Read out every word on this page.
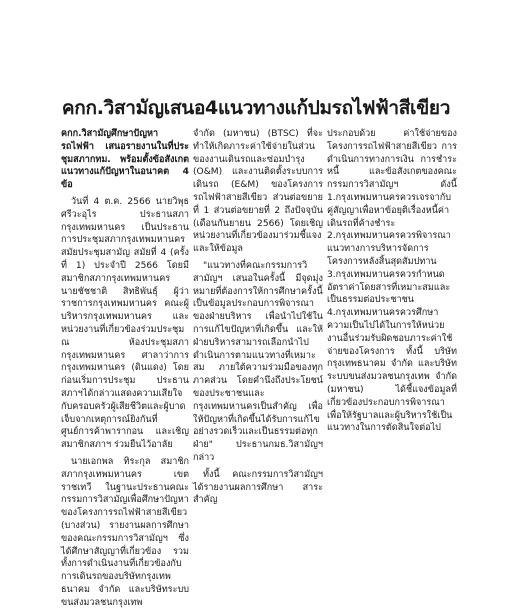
คกก.วิสามัญเสนอ4แนวทางแก้ปมรถไฟฟ้าสีเขียว

คกก.วิสามัญศึกษาปัญหารถไฟฟ้า เสนอรายงานในที่ประชุมสภากทม. พร้อมตั้งข้อสังเกตแนวทางแก้ปัญหาในอนาคต 4 ข้อ

วันที่ 4 ต.ค. 2566 นายวิพุธ ศรีวะอุไร ประธานสภากรุงเทพมหานคร เป็นประธานการประชุมสภากรุงเทพมหานคร สมัยประชุมสามัญ สมัยที่ 4 (ครั้งที่ 1) ประจำปี 2566 โดยมี สมาชิกสภากรุงเทพมหานคร นายชัชชาติ สิทธิพันธุ์ ผู้ว่าราชการกรุงเทพมหานคร คณะผู้บริหารกรุงเทพมหานคร และหน่วยงานที่เกี่ยวข้องร่วมประชุม ณ ห้องประชุมสภากรุงเทพมหานคร ศาลาว่าการกรุงเทพมหานคร (ดินแดง) โดยก่อนเริ่มการประชุม ประธานสภาฯได้กล่าวแสดงความเสียใจกับครอบครัวผู้เสียชีวิตและผู้บาดเจ็บจากเหตุการณ์ยิงกันที่ศูนย์การค้าพารากอน และเชิญสมาชิกสภาฯ ร่วมยืนไว้อาลัย

นายเอกพล ทิระกุล สมาชิกสภากรุงเทพมหานคร เขตราชเทวี ในฐานะประธานคณะกรรมการวิสามัญเพื่อศึกษาปัญหาของโครงการรถไฟฟ้าสายสีเขียว (บางส่วน) รายงานผลการศึกษาของคณะกรรมการวิสามัญฯ ซึ่งได้ศึกษาสัญญาที่เกี่ยวข้อง รวมทั้งการดำเนินงานที่เกี่ยวข้องกับการเดินรถของบริษัทกรุงเทพธนาคม จำกัด และบริษัทระบบขนส่งมวลชนกรุงเทพ

จำกัด (มหาชน) (BTSC) ที่จะทำให้เกิดภาระค่าใช้จ่ายในส่วนของงานเดินรถและซ่อมบำรุง (O&M) และงานติดตั้งระบบการเดินรถ (E&M) ของโครงการรถไฟฟ้าสายสีเขียว ส่วนต่อขยายที่ 1 ส่วนต่อขยายที่ 2 ถึงปัจจุบัน (เดือนกันยายน 2566) โดยเชิญหน่วยงานที่เกี่ยวข้องมาร่วมชี้แจงและให้ข้อมูล

"แนวทางที่คณะกรรมการวิสามัญฯ เสนอในครั้งนี้ มีจุดมุ่งหมายที่ต้องการให้การศึกษาครั้งนี้เป็นข้อมูลประกอบการพิจารณาของฝ่ายบริหาร เพื่อนำไปใช้ในการแก้ไขปัญหาที่เกิดขึ้น และให้ฝ่ายบริหารสามารถเลือกนำไปดำเนินการตามแนวทางที่เหมาะสม ภายใต้ความร่วมมือของทุกภาคส่วน โดยคำนึงถึงประโยชน์ของประชาชนและกรุงเทพมหานครเป็นสำคัญ เพื่อให้ปัญหาที่เกิดขึ้นได้รับการแก้ไขอย่างรวดเร็วและเป็นธรรมต่อทุกฝ่าย" ประธานกมธ.วิสามัญฯ กล่าว

ทั้งนี้ คณะกรรมการวิสามัญฯ ได้รายงานผลการศึกษา สาระสำคัญ

ประกอบด้วย ค่าใช้จ่ายของโครงการรถไฟฟ้าสายสีเขียว การดำเนินการทางการเงิน การชำระหนี้ และข้อสังเกตของคณะกรรมการวิสามัญฯ ดังนี้ 1.กรุงเทพมหานครควรเจรจากับคู่สัญญาเพื่อหาข้อยุติเรื่องหนี้ค่าเดินรถที่ค้างชำระ 2.กรุงเทพมหานครควรพิจารณาแนวทางการบริหารจัดการโครงการหลังสิ้นสุดสัมปทาน 3.กรุงเทพมหานครควรกำหนดอัตราค่าโดยสารที่เหมาะสมและเป็นธรรมต่อประชาชน 4.กรุงเทพมหานครควรศึกษาความเป็นไปได้ในการให้หน่วยงานอื่นร่วมรับผิดชอบภาระค่าใช้จ่ายของโครงการ ทั้งนี้ บริษัทกรุงเทพธนาคม จำกัด และบริษัทระบบขนส่งมวลชนกรุงเทพ จำกัด (มหาชน) ได้ชี้แจงข้อมูลที่เกี่ยวข้องประกอบการพิจารณา เพื่อให้รัฐบาลและผู้บริหารใช้เป็นแนวทางในการตัดสินใจต่อไป
